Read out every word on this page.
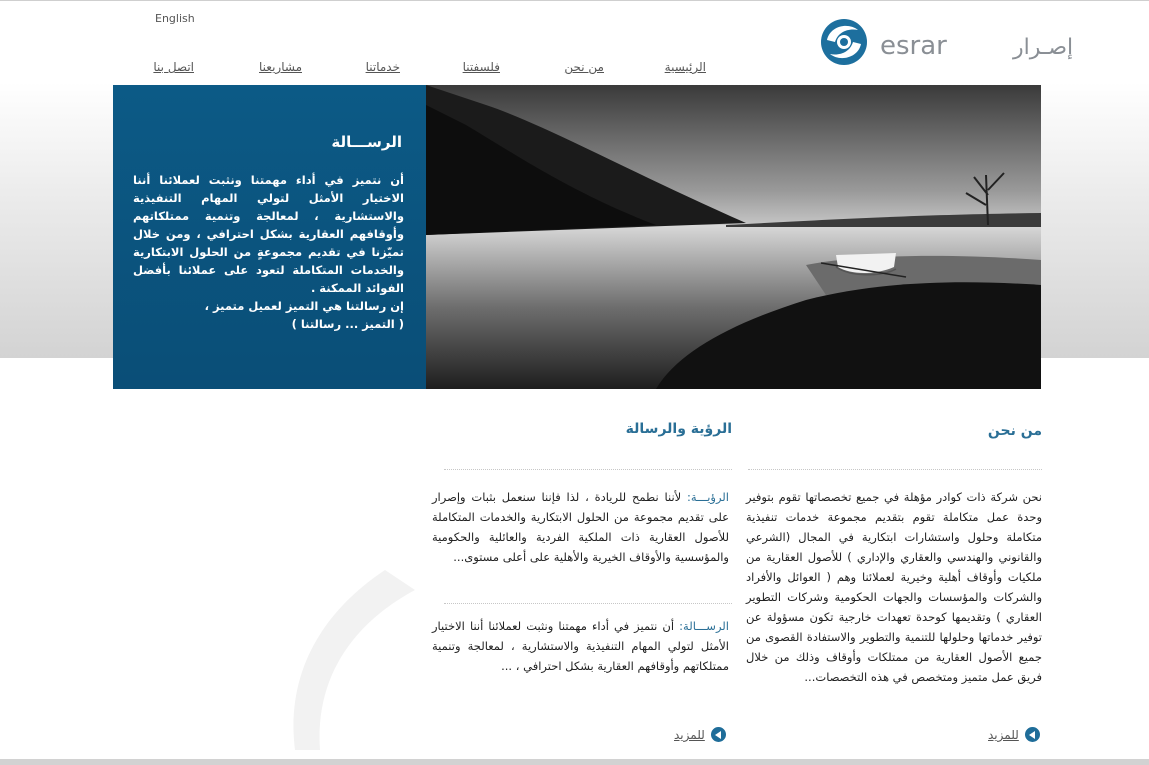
English
esrar	إصـرار
الرئيسية
من نحن
فلسفتنا
خدماتنا
مشاريعنا
اتصل بنا
الرســـالة
أن نتميز في أداء مهمتنا ونثبت لعملائنا أننا الاختيار الأمثل لتولي المهام التنفيذية والاستشارية ، لمعالجة وتنمية ممتلكاتهم وأوقافهم العقارية بشكل احترافي ، ومن خلال تميّزنا في تقديم مجموعةٍ من الحلول الابتكارية والخدمات المتكاملة لتعود على عملائنا بأفضل الفوائد الممكنة .
إن رسالتنا هي التميز لعميل متميز ،
( التميز ... رسالتنا )
من نحن
نحن شركة ذات كوادر مؤهلة في جميع تخصصاتها تقوم بتوفير وحدة عمل متكاملة تقوم بتقديم مجموعة خدمات تنفيذية متكاملة وحلول واستشارات ابتكارية في المجال (الشرعي والقانوني والهندسي والعقاري والإداري ) للأصول العقارية من ملكيات وأوقاف أهلية وخيرية لعملائنا وهم ( العوائل والأفراد والشركات والمؤسسات والجهات الحكومية وشركات التطوير العقاري ) وتقديمها كوحدة تعهدات خارجية تكون مسؤولة عن توفير خدماتها وحلولها للتنمية والتطوير والاستفادة القصوى من جميع الأصول العقارية من ممتلكات وأوقاف وذلك من خلال فريق عمل متميز ومتخصص في هذه التخصصات...
للمزيد
الرؤية والرسالة
الرؤيـــة: لأننا نطمح للريادة ، لذا فإننا سنعمل بثبات وإصرار على تقديم مجموعة من الحلول الابتكارية والخدمات المتكاملة للأصول العقارية ذات الملكية الفردية والعائلية والحكومية والمؤسسية والأوقاف الخيرية والأهلية على أعلى مستوى...
الرســـالة: أن نتميز في أداء مهمتنا ونثبت لعملائنا أننا الاختيار الأمثل لتولي المهام التنفيذية والاستشارية ، لمعالجة وتنمية ممتلكاتهم وأوقافهم العقارية بشكل احترافي ، ...
للمزيد
